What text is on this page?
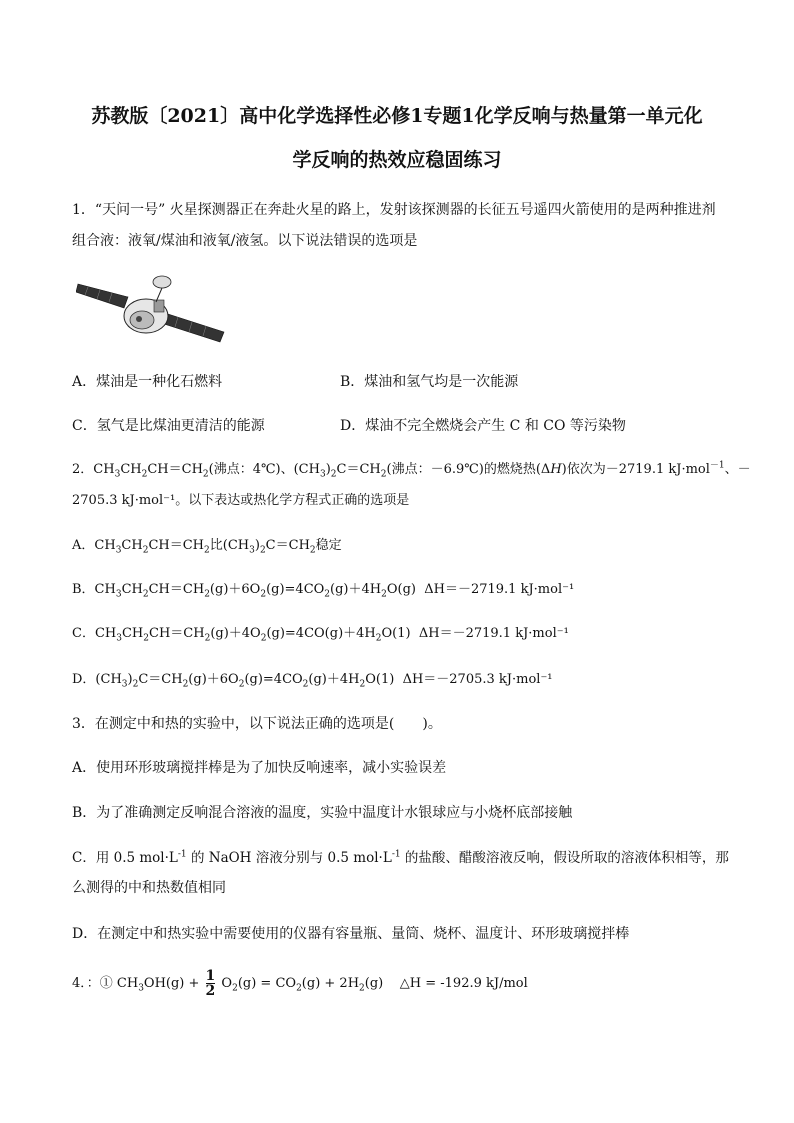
苏教版〔2021〕高中化学选择性必修1专题1化学反响与热量第一单元化
学反响的热效应稳固练习
1．“天问一号” 火星探测器正在奔赴火星的路上，发射该探测器的长征五号遥四火箭使用的是两种推进剂
组合液：液氧/煤油和液氧/液氢。以下说法错误的选项是
A．煤油是一种化石燃料	B．煤油和氢气均是一次能源
C．氢气是比煤油更清洁的能源	D．煤油不完全燃烧会产生 C 和 CO 等污染物
2．$CH_3CH_2CH=CH_2$(沸点：4℃)、$(CH_3)_2C=CH_2$(沸点：－6.9℃)的燃烧热(ΔH)依次为－2719.1 kJ·mol$^{-1}$、－
2705.3 kJ·mol⁻¹。以下表达或热化学方程式正确的选项是
A．$CH_3CH_2CH=CH_2$比$(CH_3)_2C=CH_2$稳定
B．$CH_3CH_2CH=CH_2(g)+6O_2(g)=4CO_2(g)+4H_2O(g)$  ΔH＝－2719.1 kJ·mol⁻¹
C．$CH_3CH_2CH=CH_2(g)+4O_2(g)=4CO(g)+4H_2O(1)$  ΔH＝－2719.1 kJ·mol⁻¹
D．$(CH_3)_2C=CH_2(g)+6O_2(g)=4CO_2(g)+4H_2O(1)$  ΔH＝－2705.3 kJ·mol⁻¹
3．在测定中和热的实验中，以下说法正确的选项是(　　)。
A．使用环形玻璃搅拌棒是为了加快反响速率，减小实验误差
B．为了准确测定反响混合溶液的温度，实验中温度计水银球应与小烧杯底部接触
C．用 0.5 $mol\cdot L^{-1}$ 的 NaOH 溶液分别与 0.5 $mol\cdot L^{-1}$ 的盐酸、醋酸溶液反响，假设所取的溶液体积相等，那
么测得的中和热数值相同
D．在测定中和热实验中需要使用的仪器有容量瓶、量筒、烧杯、温度计、环形玻璃搅拌棒
4．：① $CH_3OH(g) + \frac{1}{2} O_2(g) = CO_2(g) + 2H_2(g)$    △H = -192.9 kJ/mol
